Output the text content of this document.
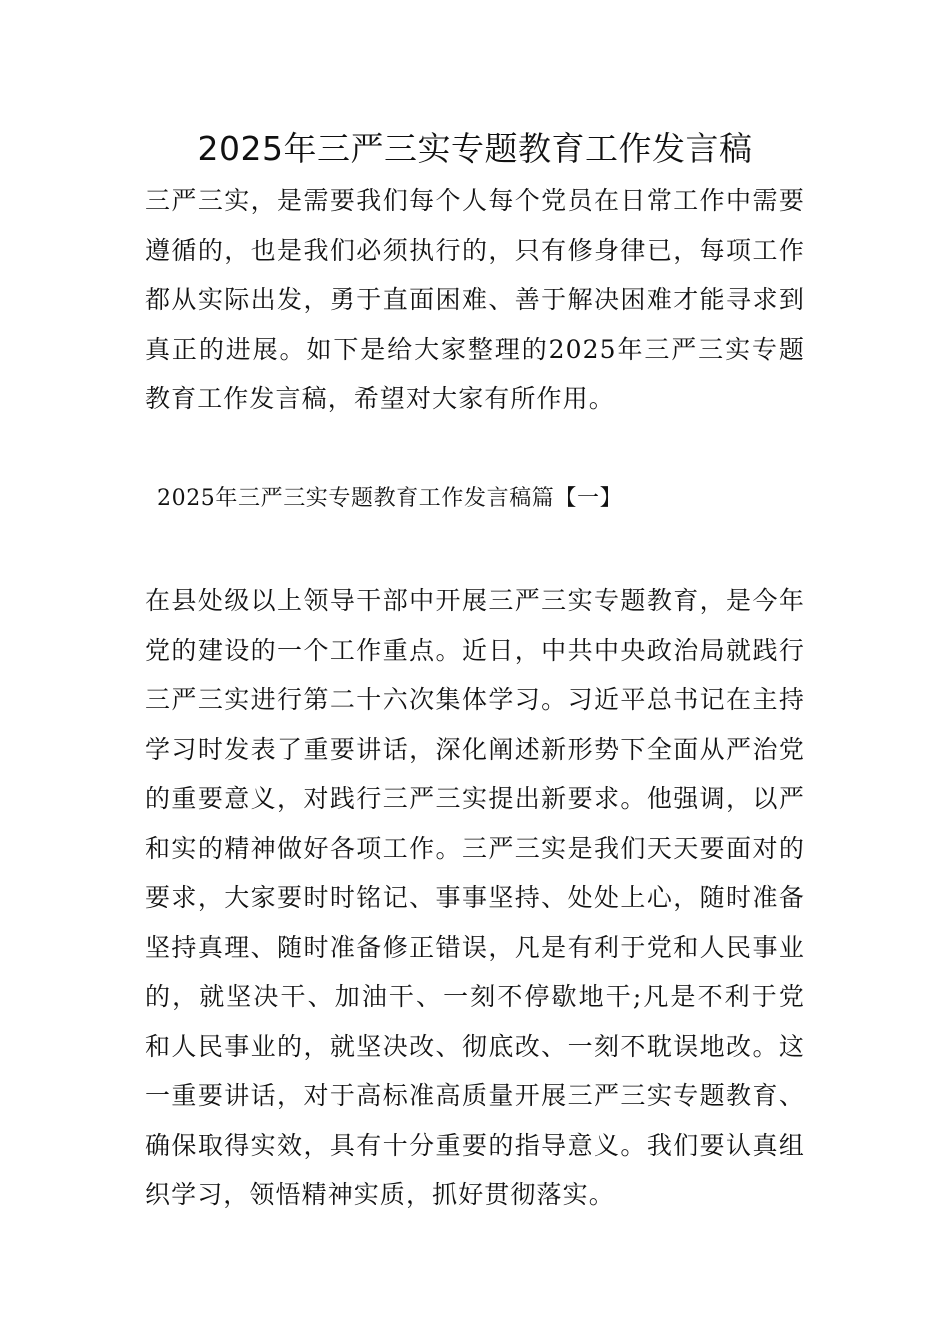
2025年三严三实专题教育工作发言稿
三严三实，是需要我们每个人每个党员在日常工作中需要遵循的，也是我们必须执行的，只有修身律已，每项工作都从实际出发，勇于直面困难、善于解决困难才能寻求到真正的进展。如下是给大家整理的2025年三严三实专题教育工作发言稿，希望对大家有所作用。
2025年三严三实专题教育工作发言稿篇【一】
在县处级以上领导干部中开展三严三实专题教育，是今年党的建设的一个工作重点。近日，中共中央政治局就践行三严三实进行第二十六次集体学习。习近平总书记在主持学习时发表了重要讲话，深化阐述新形势下全面从严治党的重要意义，对践行三严三实提出新要求。他强调，以严和实的精神做好各项工作。三严三实是我们天天要面对的要求，大家要时时铭记、事事坚持、处处上心，随时准备坚持真理、随时准备修正错误，凡是有利于党和人民事业的，就坚决干、加油干、一刻不停歇地干;凡是不利于党和人民事业的，就坚决改、彻底改、一刻不耽误地改。这一重要讲话，对于高标准高质量开展三严三实专题教育、确保取得实效，具有十分重要的指导意义。我们要认真组织学习，领悟精神实质，抓好贯彻落实。
